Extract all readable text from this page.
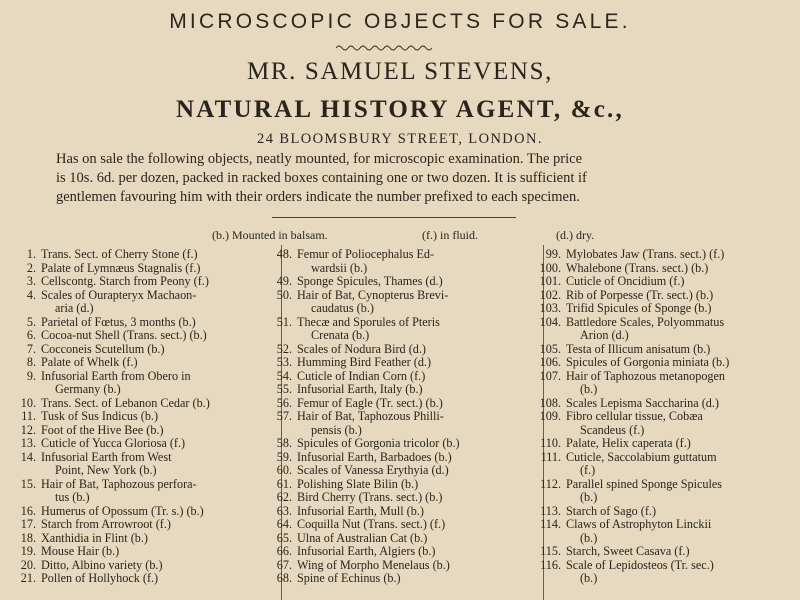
MICROSCOPIC OBJECTS FOR SALE.
MR. SAMUEL STEVENS,
NATURAL HISTORY AGENT, &c.,
24 BLOOMSBURY STREET, LONDON.
Has on sale the following objects, neatly mounted, for microscopic examination. The price
is 10s. 6d. per dozen, packed in racked boxes containing one or two dozen. It is sufficient if
gentlemen favouring him with their orders indicate the number prefixed to each specimen.
(b.) Mounted in balsam.	(f.) in fluid.	(d.) dry.
1. Trans. Sect. of Cherry Stone (f.)
2. Palate of Lymnæus Stagnalis (f.)
3. Cellscontg. Starch from Peony (f.)
4. Scales of Ourapteryx Machaon-
aria (d.)
5. Parietal of Fœtus, 3 months (b.)
6. Cocoa-nut Shell (Trans. sect.) (b.)
7. Cocconeis Scutellum (b.)
8. Palate of Whelk (f.)
9. Infusorial Earth from Obero in
Germany (b.)
10. Trans. Sect. of Lebanon Cedar (b.)
11. Tusk of Sus Indicus (b.)
12. Foot of the Hive Bee (b.)
13. Cuticle of Yucca Gloriosa (f.)
14. Infusorial Earth from West
Point, New York (b.)
15. Hair of Bat, Taphozous perfora-
tus (b.)
16. Humerus of Opossum (Tr. s.) (b.)
17. Starch from Arrowroot (f.)
18. Xanthidia in Flint (b.)
19. Mouse Hair (b.)
20. Ditto, Albino variety (b.)
21. Pollen of Hollyhock (f.)
48. Femur of Poliocephalus Ed-
wardsii (b.)
49. Sponge Spicules, Thames (d.)
50. Hair of Bat, Cynopterus Brevi-
caudatus (b.)
51. Thecæ and Sporules of Pteris
Crenata (b.)
52. Scales of Nodura Bird (d.)
53. Humming Bird Feather (d.)
54. Cuticle of Indian Corn (f.)
55. Infusorial Earth, Italy (b.)
56. Femur of Eagle (Tr. sect.) (b.)
57. Hair of Bat, Taphozous Philli-
pensis (b.)
58. Spicules of Gorgonia tricolor (b.)
59. Infusorial Earth, Barbadoes (b.)
60. Scales of Vanessa Erythyia (d.)
61. Polishing Slate Bilin (b.)
62. Bird Cherry (Trans. sect.) (b.)
63. Infusorial Earth, Mull (b.)
64. Coquilla Nut (Trans. sect.) (f.)
65. Ulna of Australian Cat (b.)
66. Infusorial Earth, Algiers (b.)
67. Wing of Morpho Menelaus (b.)
68. Spine of Echinus (b.)
99. Mylobates Jaw (Trans. sect.) (f.)
100. Whalebone (Trans. sect.) (b.)
101. Cuticle of Oncidium (f.)
102. Rib of Porpesse (Tr. sect.) (b.)
103. Trifid Spicules of Sponge (b.)
104. Battledore Scales, Polyommatus
Arion (d.)
105. Testa of Illicum anisatum (b.)
106. Spicules of Gorgonia miniata (b.)
107. Hair of Taphozous metanopogen
(b.)
108. Scales Lepisma Saccharina (d.)
109. Fibro cellular tissue, Cobæa
Scandeus (f.)
110. Palate, Helix caperata (f.)
111. Cuticle, Saccolabium guttatum
(f.)
112. Parallel spined Sponge Spicules
(b.)
113. Starch of Sago (f.)
114. Claws of Astrophyton Linckii
(b.)
115. Starch, Sweet Casava (f.)
116. Scale of Lepidosteos (Tr. sec.)
(b.)
